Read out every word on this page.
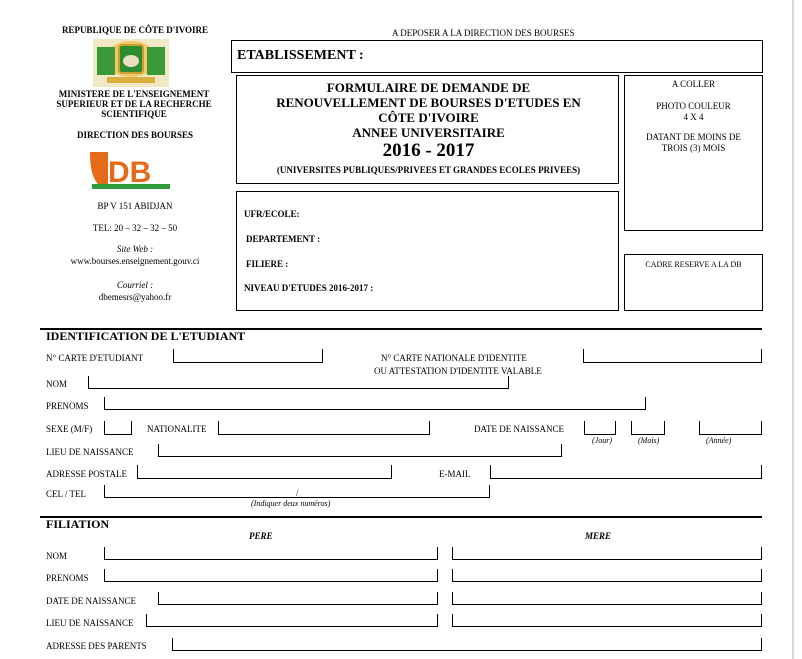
REPUBLIQUE DE CÔTE D'IVOIRE
MINISTERE DE L'ENSEIGNEMENT SUPERIEUR ET DE LA RECHERCHE SCIENTIFIQUE
DIRECTION DES BOURSES
DB
BP V 151 ABIDJAN
TEL: 20 – 32 – 32 – 50
Site Web :
www.bourses.enseignement.gouv.ci
Courriel :
dbemesrs@yahoo.fr
A DEPOSER A LA DIRECTION DES BOURSES
ETABLISSEMENT :
FORMULAIRE DE DEMANDE DE
RENOUVELLEMENT DE BOURSES D'ETUDES EN
CÔTE D'IVOIRE
ANNEE UNIVERSITAIRE
2016 - 2017
(UNIVERSITES PUBLIQUES/PRIVEES ET GRANDES ECOLES PRIVEES)
A COLLER
PHOTO COULEUR
4 X 4
DATANT DE MOINS DE
TROIS (3) MOIS
CADRE RESERVE A LA DB
UFR/ECOLE:
DEPARTEMENT :
FILIERE :
NIVEAU D'ETUDES 2016-2017 :
IDENTIFICATION DE L'ETUDIANT
N° CARTE D'ETUDIANT	N° CARTE NATIONALE D'IDENTITE
OU ATTESTATION D'IDENTITE VALABLE
NOM
PRENOMS
SEXE (M/F)	NATIONALITE	DATE DE NAISSANCE
(Jour)	(Mois)	(Année)
LIEU DE NAISSANCE
ADRESSE POSTALE	E-MAIL
CEL / TEL	/
(Indiquer deux numéros)
FILIATION
PERE	MERE
NOM
PRENOMS
DATE DE NAISSANCE
LIEU DE NAISSANCE
ADRESSE DES PARENTS
